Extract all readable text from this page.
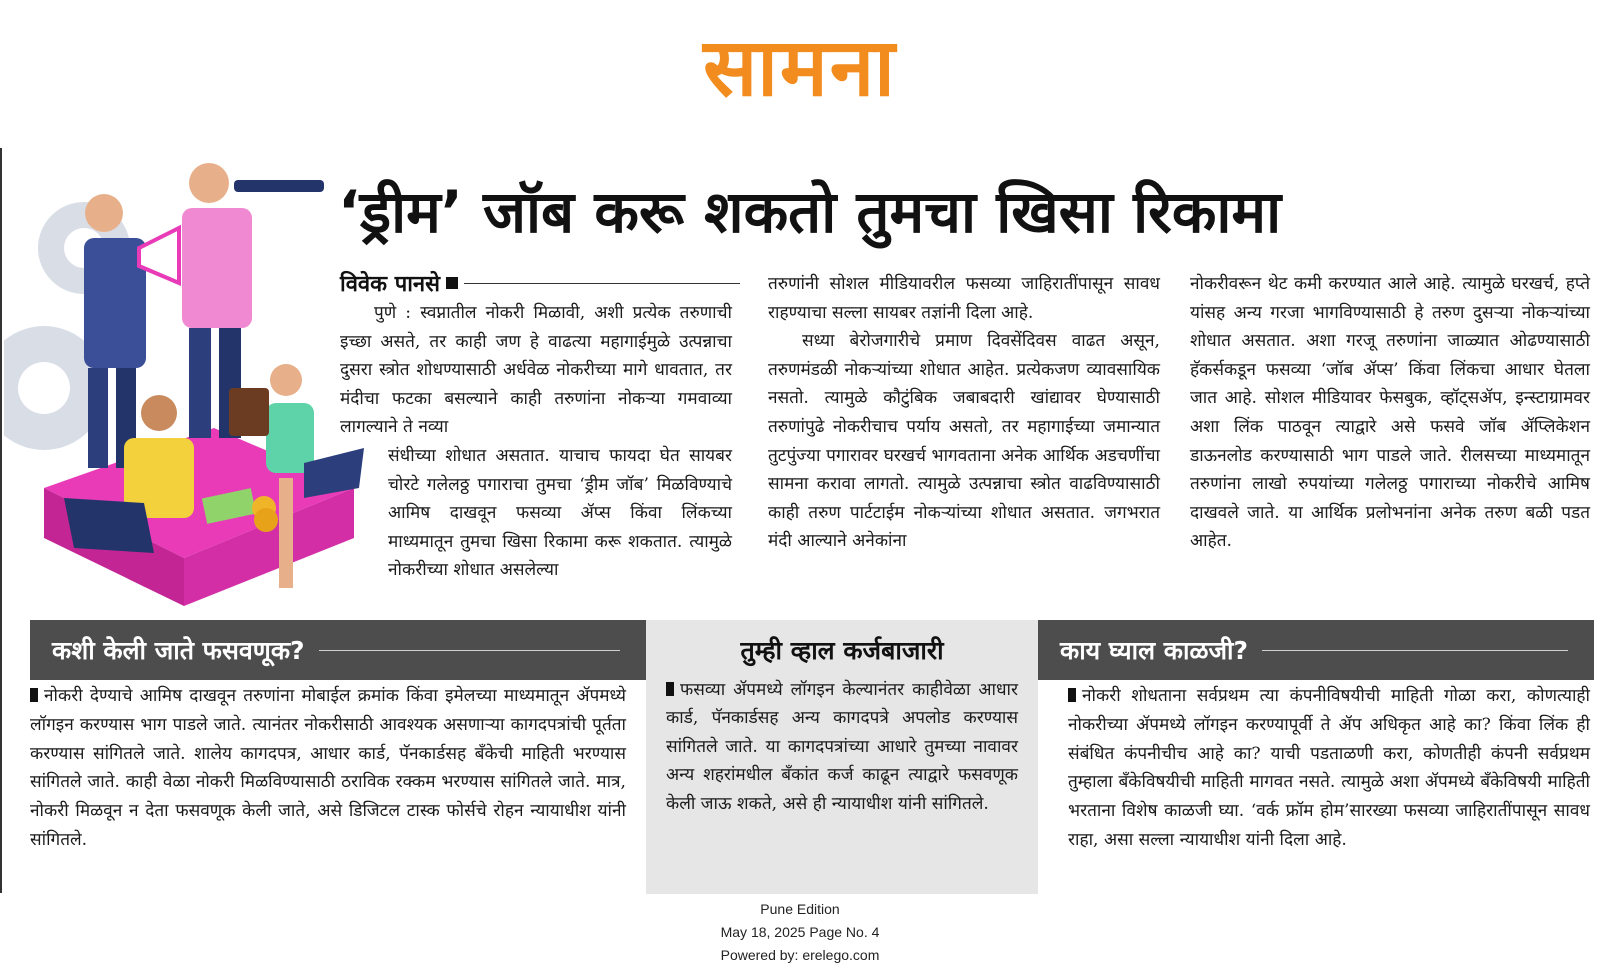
सामना
‘ड्रीम’ जॉब करू शकतो तुमचा खिसा रिकामा
विवेक पानसे

पुणे : स्वप्नातील नोकरी मिळावी, अशी प्रत्येक तरुणाची इच्छा असते, तर काही जण हे वाढत्या महागाईमुळे उत्पन्नाचा दुसरा स्त्रोत शोधण्यासाठी अर्धवेळ नोकरीच्या मागे धावतात, तर मंदीचा फटका बसल्याने काही तरुणांना नोकऱ्या गमवाव्या लागल्याने ते नव्या

संधीच्या शोधात असतात. याचाच फायदा घेत सायबर चोरटे गलेलठ्ठ पगाराचा तुमचा ‘ड्रीम जॉब’ मिळविण्याचे आमिष दाखवून फसव्या ॲप्स किंवा लिंकच्या माध्यमातून तुमचा खिसा रिकामा करू शकतात. त्यामुळे नोकरीच्या शोधात असलेल्या

तरुणांनी सोशल मीडियावरील फसव्या जाहिरातींपासून सावध राहण्याचा सल्ला सायबर तज्ञांनी दिला आहे.

सध्या बेरोजगारीचे प्रमाण दिवसेंदिवस वाढत असून, तरुणमंडळी नोकऱ्यांच्या शोधात आहेत. प्रत्येकजण व्यावसायिक नसतो. त्यामुळे कौटुंबिक जबाबदारी खांद्यावर घेण्यासाठी तरुणांपुढे नोकरीचाच पर्याय असतो, तर महागाईच्या जमान्यात तुटपुंज्या पगारावर घरखर्च भागवताना अनेक आर्थिक अडचणींचा सामना करावा लागतो. त्यामुळे उत्पन्नाचा स्त्रोत वाढविण्यासाठी काही तरुण पार्टटाईम नोकऱ्यांच्या शोधात असतात. जगभरात मंदी आल्याने अनेकांना

नोकरीवरून थेट कमी करण्यात आले आहे. त्यामुळे घरखर्च, हप्ते यांसह अन्य गरजा भागविण्यासाठी हे तरुण दुसऱ्या नोकऱ्यांच्या शोधात असतात. अशा गरजू तरुणांना जाळ्यात ओढण्यासाठी हॅकर्सकडून फसव्या ‘जॉब ॲप्स’ किंवा लिंकचा आधार घेतला जात आहे. सोशल मीडियावर फेसबुक, व्हॉट्सॲप, इन्स्टाग्रामवर अशा लिंक पाठवून त्याद्वारे असे फसवे जॉब ॲप्लिकेशन डाऊनलोड करण्यासाठी भाग पाडले जाते. रीलसच्या माध्यमातून तरुणांना लाखो रुपयांच्या गलेलठ्ठ पगाराच्या नोकरीचे आमिष दाखवले जाते. या आर्थिक प्रलोभनांना अनेक तरुण बळी पडत आहेत.

कशी केली जाते फसवणूक?	तुम्ही व्हाल कर्जबाजारी	काय घ्याल काळजी?
नोकरी देण्याचे आमिष दाखवून तरुणांना मोबाईल क्रमांक किंवा इमेलच्या माध्यमातून ॲपमध्ये लॉगइन करण्यास भाग पाडले जाते. त्यानंतर नोकरीसाठी आवश्यक असणाऱ्या कागदपत्रांची पूर्तता करण्यास सांगितले जाते. शालेय कागदपत्र, आधार कार्ड, पॅनकार्डसह बँकेची माहिती भरण्यास सांगितले जाते. काही वेळा नोकरी मिळविण्यासाठी ठराविक रक्कम भरण्यास सांगितले जाते. मात्र, नोकरी मिळवून न देता फसवणूक केली जाते, असे डिजिटल टास्क फोर्सचे रोहन न्यायाधीश यांनी सांगितले.
फसव्या ॲपमध्ये लॉगइन केल्यानंतर काहीवेळा आधार कार्ड, पॅनकार्डसह अन्य कागदपत्रे अपलोड करण्यास सांगितले जाते. या कागदपत्रांच्या आधारे तुमच्या नावावर अन्य शहरांमधील बँकांत कर्ज काढून त्याद्वारे फसवणूक केली जाऊ शकते, असे ही न्यायाधीश यांनी सांगितले.
नोकरी शोधताना सर्वप्रथम त्या कंपनीविषयीची माहिती गोळा करा, कोणत्याही नोकरीच्या ॲपमध्ये लॉगइन करण्यापूर्वी ते ॲप अधिकृत आहे का? किंवा लिंक ही संबंधित कंपनीचीच आहे का? याची पडताळणी करा, कोणतीही कंपनी सर्वप्रथम तुम्हाला बँकेविषयीची माहिती मागवत नसते. त्यामुळे अशा ॲपमध्ये बँकेविषयी माहिती भरताना विशेष काळजी घ्या. ‘वर्क फ्रॉम होम’सारख्या फसव्या जाहिरातींपासून सावध राहा, असा सल्ला न्यायाधीश यांनी दिला आहे.
Pune Edition
May 18, 2025 Page No. 4
Powered by: erelego.com
